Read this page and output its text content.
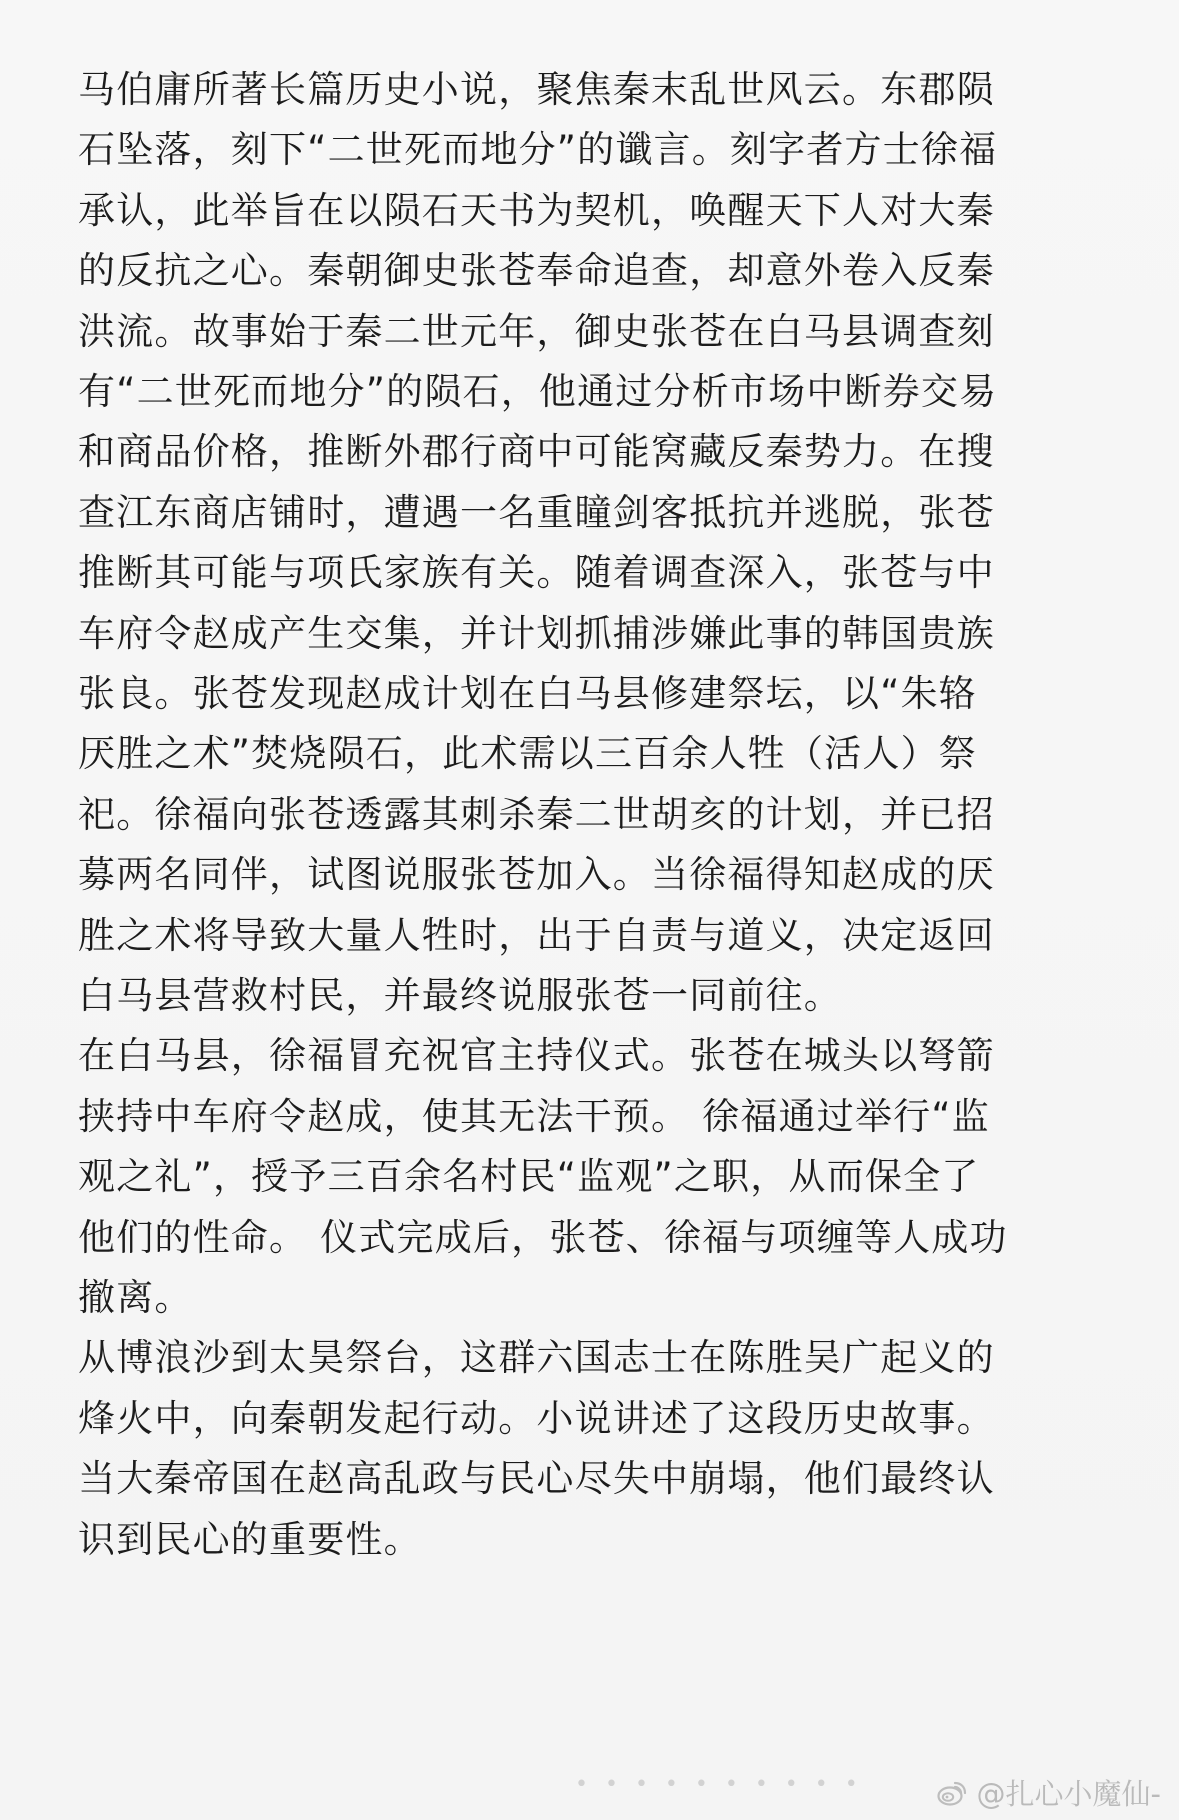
马伯庸所著长篇历史小说，聚焦秦末乱世风云。东郡陨
石坠落，刻下“二世死而地分”的谶言。刻字者方士徐福
承认，此举旨在以陨石天书为契机，唤醒天下人对大秦
的反抗之心。秦朝御史张苍奉命追查，却意外卷入反秦
洪流。故事始于秦二世元年，御史张苍在白马县调查刻
有“二世死而地分”的陨石，他通过分析市场中断券交易
和商品价格，推断外郡行商中可能窝藏反秦势力。在搜
查江东商店铺时，遭遇一名重瞳剑客抵抗并逃脱，张苍
推断其可能与项氏家族有关。随着调查深入，张苍与中
车府令赵成产生交集，并计划抓捕涉嫌此事的韩国贵族
张良。张苍发现赵成计划在白马县修建祭坛，以“朱辂
厌胜之术”焚烧陨石，此术需以三百余人牲（活人）祭
祀。徐福向张苍透露其刺杀秦二世胡亥的计划，并已招
募两名同伴，试图说服张苍加入。当徐福得知赵成的厌
胜之术将导致大量人牲时，出于自责与道义，决定返回
白马县营救村民，并最终说服张苍一同前往。
在白马县，徐福冒充祝官主持仪式。张苍在城头以弩箭
挟持中车府令赵成，使其无法干预。 徐福通过举行“监
观之礼”，授予三百余名村民“监观”之职，从而保全了
他们的性命。 仪式完成后，张苍、徐福与项缠等人成功
撤离。
从博浪沙到太昊祭台，这群六国志士在陈胜吴广起义的
烽火中，向秦朝发起行动。小说讲述了这段历史故事。
当大秦帝国在赵高乱政与民心尽失中崩塌，他们最终认
识到民心的重要性。
• • • • • • • • • •	@扎心小魔仙-
